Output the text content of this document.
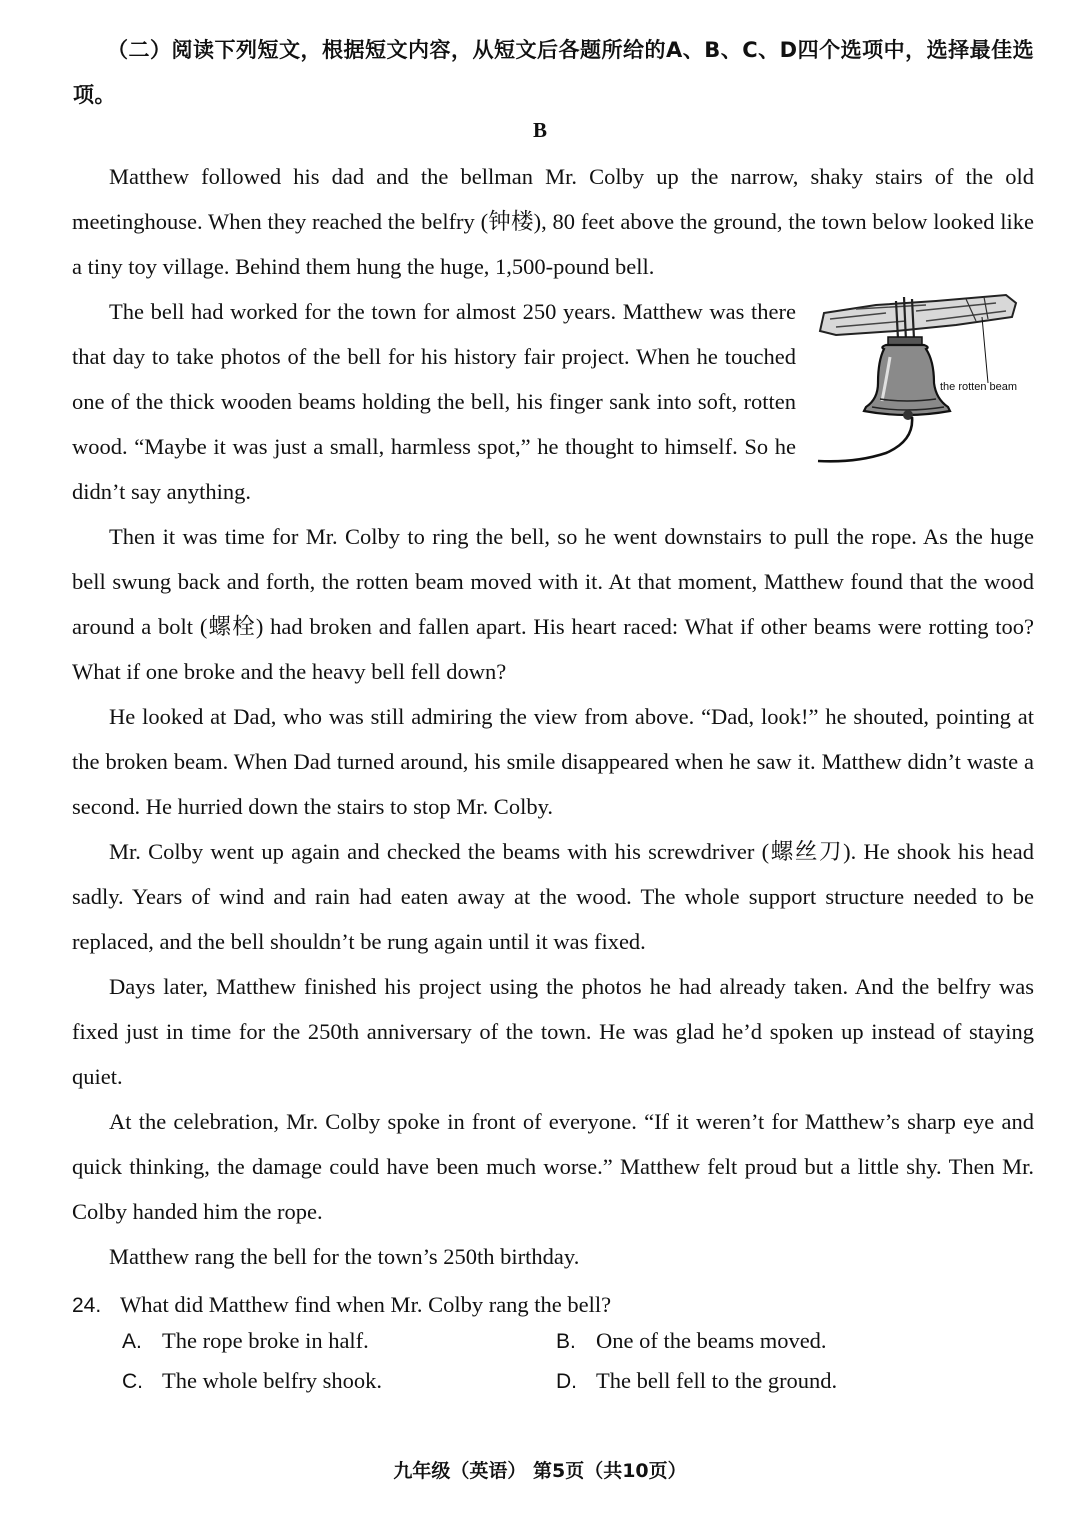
（二）阅读下列短文，根据短文内容，从短文后各题所给的A、B、C、D四个选项中，选择最佳选项。
B

Matthew followed his dad and the bellman Mr. Colby up the narrow, shaky stairs of the old meetinghouse. When they reached the belfry (钟楼), 80 feet above the ground, the town below looked like a tiny toy village. Behind them hung the huge, 1,500-pound bell.

the rotten beam

The bell had worked for the town for almost 250 years. Matthew was there that day to take photos of the bell for his history fair project. When he touched one of the thick wooden beams holding the bell, his finger sank into soft, rotten wood. “Maybe it was just a small, harmless spot,” he thought to himself. So he didn’t say anything.

Then it was time for Mr. Colby to ring the bell, so he went downstairs to pull the rope. As the huge bell swung back and forth, the rotten beam moved with it. At that moment, Matthew found that the wood around a bolt (螺栓) had broken and fallen apart. His heart raced: What if other beams were rotting too? What if one broke and the heavy bell fell down?

He looked at Dad, who was still admiring the view from above. “Dad, look!” he shouted, pointing at the broken beam. When Dad turned around, his smile disappeared when he saw it. Matthew didn’t waste a second. He hurried down the stairs to stop Mr. Colby.

Mr. Colby went up again and checked the beams with his screwdriver (螺丝刀). He shook his head sadly. Years of wind and rain had eaten away at the wood. The whole support structure needed to be replaced, and the bell shouldn’t be rung again until it was fixed.

Days later, Matthew finished his project using the photos he had already taken. And the belfry was fixed just in time for the 250th anniversary of the town. He was glad he’d spoken up instead of staying quiet.

At the celebration, Mr. Colby spoke in front of everyone. “If it weren’t for Matthew’s sharp eye and quick thinking, the damage could have been much worse.” Matthew felt proud but a little shy. Then Mr. Colby handed him the rope.

Matthew rang the bell for the town’s 250th birthday.

24. What did Matthew find when Mr. Colby rang the bell?
A. The rope broke in half.	B. One of the beams moved.
C. The whole belfry shook.	D. The bell fell to the ground.
九年级（英语） 第5页（共10页）
